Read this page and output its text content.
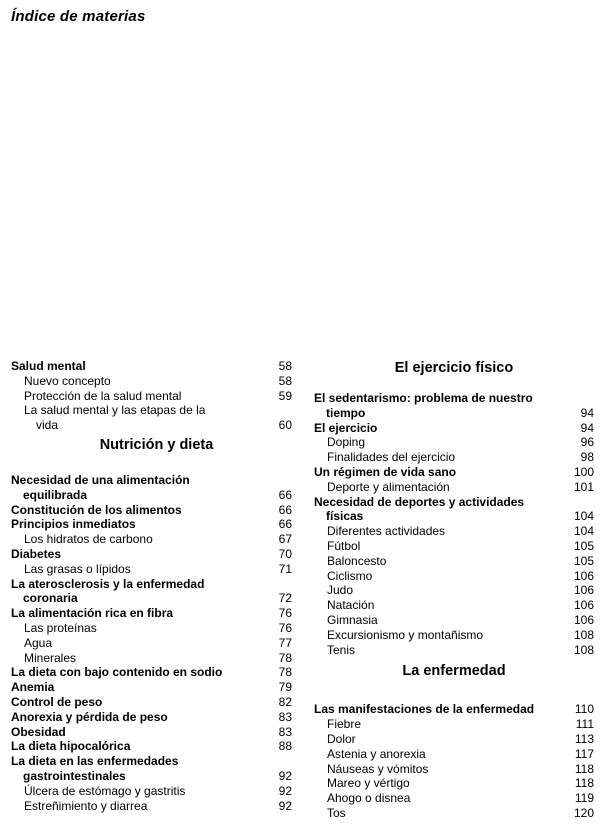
Índice de materias
Salud mental	58
Nuevo concepto	58
Protección de la salud mental	59
La salud mental y las etapas de la
vida	60
Nutrición y dieta
Necesidad de una alimentación
equilibrada	66
Constitución de los alimentos	66
Principios inmediatos	66
Los hidratos de carbono	67
Diabetes	70
Las grasas o lípidos	71
La aterosclerosis y la enfermedad
coronaria	72
La alimentación rica en fibra	76
Las proteínas	76
Agua	77
Minerales	78
La dieta con bajo contenido en sodio	78
Anemia	79
Control de peso	82
Anorexia y pérdida de peso	83
Obesidad	83
La dieta hipocalórica	88
La dieta en las enfermedades
gastrointestinales	92
Úlcera de estómago y gastritis	92
Estreñimiento y diarrea	92
El ejercicio físico
El sedentarismo: problema de nuestro
tiempo	94
El ejercicio	94
Doping	96
Finalidades del ejercicio	98
Un régimen de vida sano	100
Deporte y alimentación	101
Necesidad de deportes y actividades
físicas	104
Diferentes actividades	104
Fútbol	105
Baloncesto	105
Ciclismo	106
Judo	106
Natación	106
Gimnasia	106
Excursionismo y montañismo	108
Tenis	108
La enfermedad
Las manifestaciones de la enfermedad	110
Fiebre	111
Dolor	113
Astenia y anorexia	117
Náuseas y vómitos	118
Mareo y vértigo	118
Ahogo o disnea	119
Tos	120
